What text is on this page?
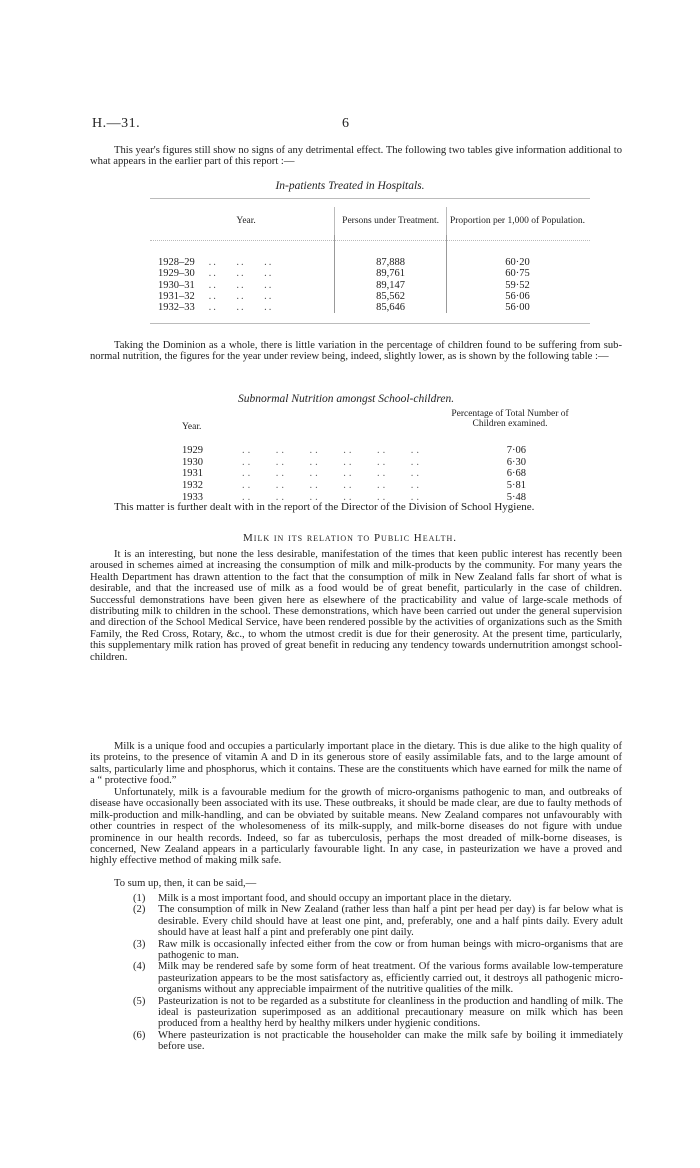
H.—31.	6
This year's figures still show no signs of any detrimental effect. The following two tables give information additional to what appears in the earlier part of this report :—
In-patients Treated in Hospitals.
Year.	Persons under Treatment.	Proportion per 1,000 of Population.

1928–29   ..    ..    ..	87,888	60·20
1929–30   ..    ..    ..	89,761	60·75
1930–31   ..    ..    ..	89,147	59·52
1931–32   ..    ..    ..	85,562	56·06
1932–33   ..    ..    ..	85,646	56·00
Taking the Dominion as a whole, there is little variation in the percentage of children found to be suffering from sub-normal nutrition, the figures for the year under review being, indeed, slightly lower, as is shown by the following table :—
Subnormal Nutrition amongst School-children.
Year.
Percentage of Total Number of Children examined.
1929	..    ..    ..    ..    ..    ..	7·06
1930	..    ..    ..    ..    ..    ..	6·30
1931	..    ..    ..    ..    ..    ..	6·68
1932	..    ..    ..    ..    ..    ..	5·81
1933	..    ..    ..    ..    ..    ..	5·48
This matter is further dealt with in the report of the Director of the Division of School Hygiene.
Milk in its relation to Public Health.
It is an interesting, but none the less desirable, manifestation of the times that keen public interest has recently been aroused in schemes aimed at increasing the consumption of milk and milk-products by the community. For many years the Health Department has drawn attention to the fact that the consumption of milk in New Zealand falls far short of what is desirable, and that the increased use of milk as a food would be of great benefit, particularly in the case of children. Successful demonstrations have been given here as elsewhere of the practicability and value of large-scale methods of distributing milk to children in the school. These demonstrations, which have been carried out under the general supervision and direction of the School Medical Service, have been rendered possible by the activities of organizations such as the Smith Family, the Red Cross, Rotary, &c., to whom the utmost credit is due for their generosity. At the present time, particularly, this supplementary milk ration has proved of great benefit in reducing any tendency towards undernutrition amongst school-children.
Milk is a unique food and occupies a particularly important place in the dietary. This is due alike to the high quality of its proteins, to the presence of vitamin A and D in its generous store of easily assimilable fats, and to the large amount of salts, particularly lime and phosphorus, which it contains. These are the constituents which have earned for milk the name of a “ protective food.”
Unfortunately, milk is a favourable medium for the growth of micro-organisms pathogenic to man, and outbreaks of disease have occasionally been associated with its use. These outbreaks, it should be made clear, are due to faulty methods of milk-production and milk-handling, and can be obviated by suitable means. New Zealand compares not unfavourably with other countries in respect of the wholesomeness of its milk-supply, and milk-borne diseases do not figure with undue prominence in our health records. Indeed, so far as tuberculosis, perhaps the most dreaded of milk-borne diseases, is concerned, New Zealand appears in a particularly favourable light. In any case, in pasteurization we have a proved and highly effective method of making milk safe.
To sum up, then, it can be said,—
(1) Milk is a most important food, and should occupy an important place in the dietary.
(2) The consumption of milk in New Zealand (rather less than half a pint per head per day) is far below what is desirable. Every child should have at least one pint, and, preferably, one and a half pints daily. Every adult should have at least half a pint and preferably one pint daily.
(3) Raw milk is occasionally infected either from the cow or from human beings with micro-organisms that are pathogenic to man.
(4) Milk may be rendered safe by some form of heat treatment. Of the various forms available low-temperature pasteurization appears to be the most satisfactory as, efficiently carried out, it destroys all pathogenic micro-organisms without any appreciable impairment of the nutritive qualities of the milk.
(5) Pasteurization is not to be regarded as a substitute for cleanliness in the production and handling of milk. The ideal is pasteurization superimposed as an additional precautionary measure on milk which has been produced from a healthy herd by healthy milkers under hygienic conditions.
(6) Where pasteurization is not practicable the householder can make the milk safe by boiling it immediately before use.
